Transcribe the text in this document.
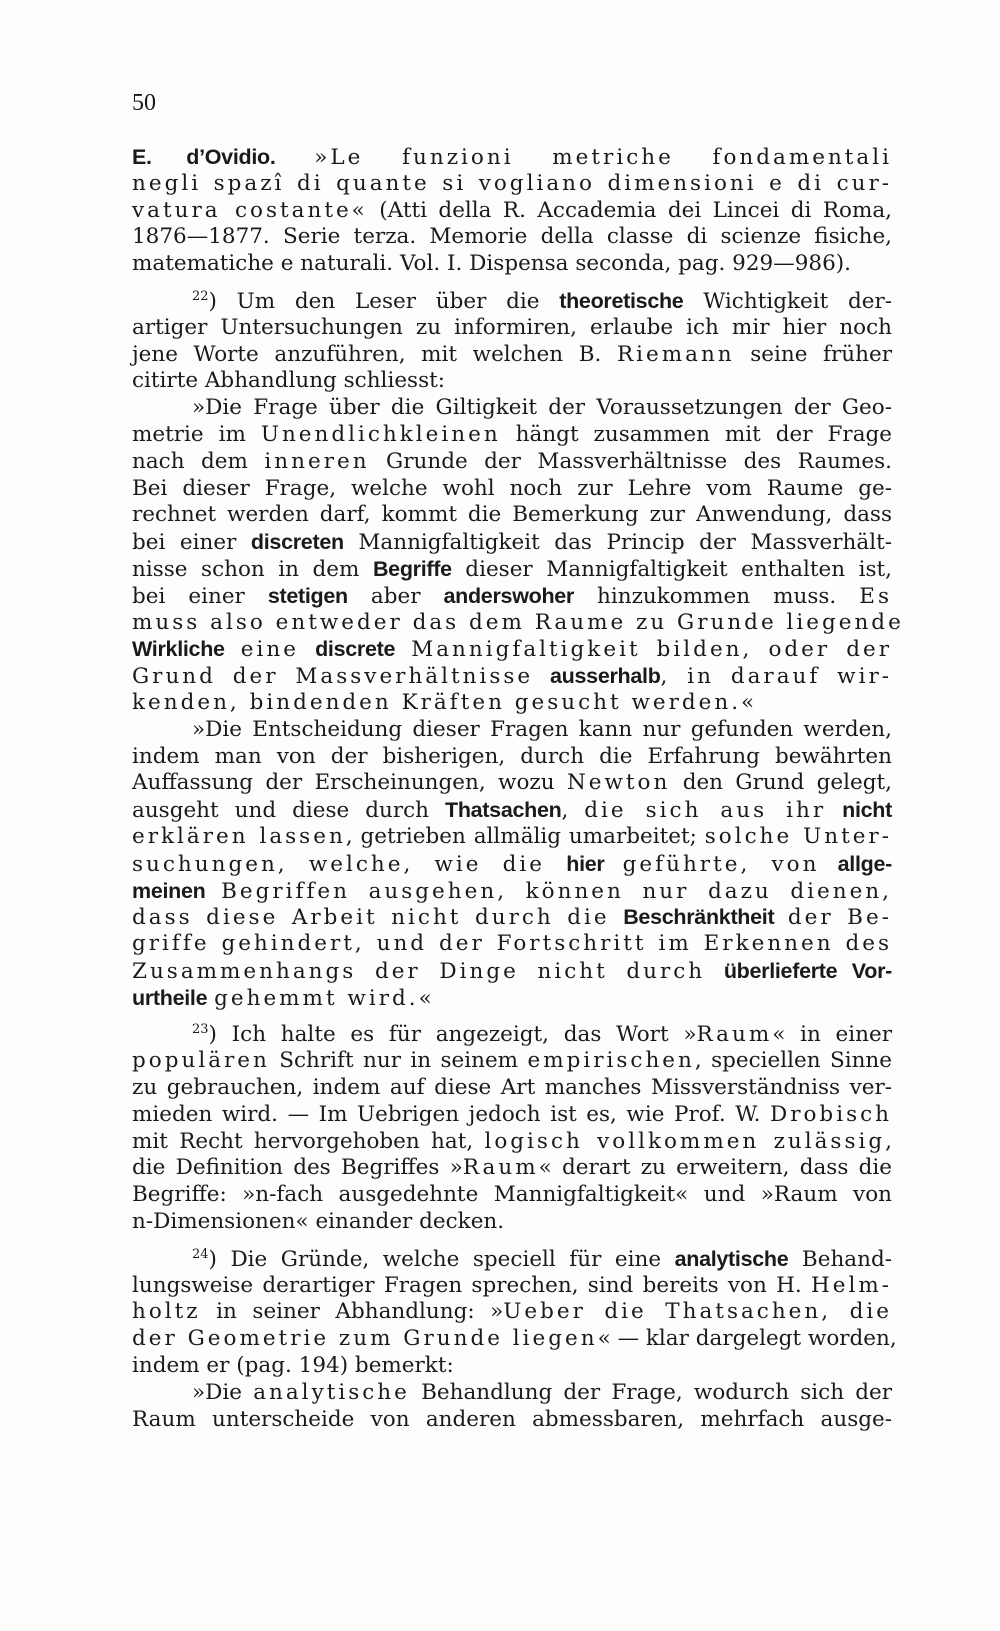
50
E. d’Ovidio. »Le funzioni metriche fondamentali
negli spazî di quante si vogliano dimensioni e di cur-
vatura costante« (Atti della R. Accademia dei Lincei di Roma,
1876—1877. Serie terza. Memorie della classe di scienze fisiche,
matematiche e naturali. Vol. I. Dispensa seconda, pag. 929—986).
$^{22}$) Um den Leser über die theoretische Wichtigkeit der-
artiger Untersuchungen zu informiren, erlaube ich mir hier noch
jene Worte anzuführen, mit welchen B. Riemann seine früher
citirte Abhandlung schliesst:
»Die Frage über die Giltigkeit der Voraussetzungen der Geo-
metrie im Unendlichkleinen hängt zusammen mit der Frage
nach dem inneren Grunde der Massverhältnisse des Raumes.
Bei dieser Frage, welche wohl noch zur Lehre vom Raume ge-
rechnet werden darf, kommt die Bemerkung zur Anwendung, dass
bei einer discreten Mannigfaltigkeit das Princip der Massverhält-
nisse schon in dem Begriffe dieser Mannigfaltigkeit enthalten ist,
bei einer stetigen aber anderswoher hinzukommen muss. Es
muss also entweder das dem Raume zu Grunde liegende
Wirkliche eine discrete Mannigfaltigkeit bilden, oder der
Grund der Massverhältnisse ausserhalb, in darauf wir-
kenden, bindenden Kräften gesucht werden.«
»Die Entscheidung dieser Fragen kann nur gefunden werden,
indem man von der bisherigen, durch die Erfahrung bewährten
Auffassung der Erscheinungen, wozu Newton den Grund gelegt,
ausgeht und diese durch Thatsachen, die sich aus ihr nicht
erklären lassen, getrieben allmälig umarbeitet; solche Unter-
suchungen, welche, wie die hier geführte, von allge-
meinen Begriffen ausgehen, können nur dazu dienen,
dass diese Arbeit nicht durch die Beschränktheit der Be-
griffe gehindert, und der Fortschritt im Erkennen des
Zusammenhangs der Dinge nicht durch überlieferte Vor-
urtheile gehemmt wird.«
$^{23}$) Ich halte es für angezeigt, das Wort »Raum« in einer
populären Schrift nur in seinem empirischen, speciellen Sinne
zu gebrauchen, indem auf diese Art manches Missverständniss ver-
mieden wird. — Im Uebrigen jedoch ist es, wie Prof. W. Drobisch
mit Recht hervorgehoben hat, logisch vollkommen zulässig,
die Definition des Begriffes »Raum« derart zu erweitern, dass die
Begriffe: »n-fach ausgedehnte Mannigfaltigkeit« und »Raum von
n-Dimensionen« einander decken.
$^{24}$) Die Gründe, welche speciell für eine analytische Behand-
lungsweise derartiger Fragen sprechen, sind bereits von H. Helm-
holtz in seiner Abhandlung: »Ueber die Thatsachen, die
der Geometrie zum Grunde liegen« — klar dargelegt worden,
indem er (pag. 194) bemerkt:
»Die analytische Behandlung der Frage, wodurch sich der
Raum unterscheide von anderen abmessbaren, mehrfach ausge-
